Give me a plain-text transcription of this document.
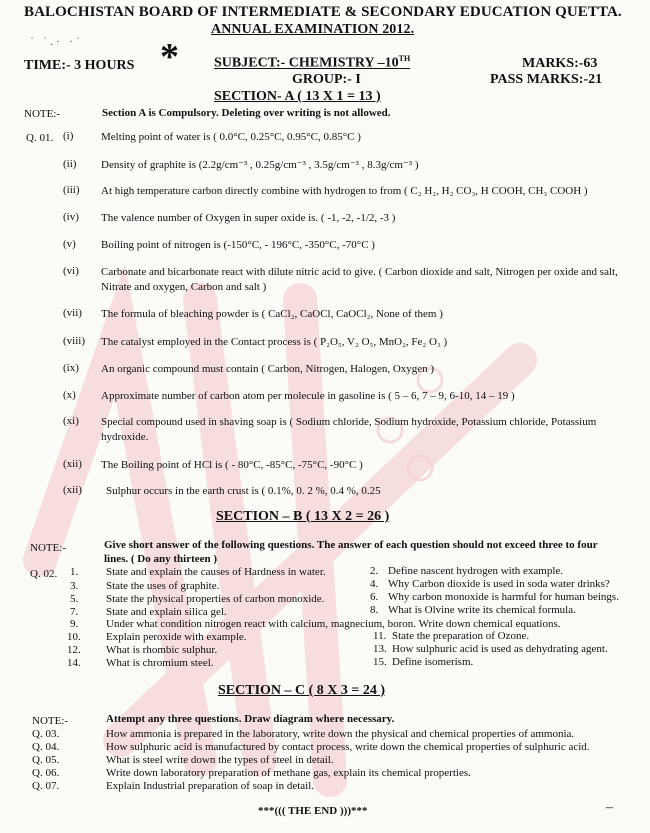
BALOCHISTAN BOARD OF INTERMEDIATE & SECONDARY EDUCATION QUETTA.
ANNUAL EXAMINATION 2012.
˙ ˙.· ·˙ *
TIME:- 3 HOURS	SUBJECT:- CHEMISTRY –10TH	MARKS:-63
GROUP:- I	PASS MARKS:-21
SECTION- A ( 13 X 1 = 13 )
NOTE:-	Section A is Compulsory. Deleting over writing is not allowed.
Q. 01. (i)	Melting point of water is ( 0.0°C, 0.25°C, 0.95°C, 0.85°C )
(ii) Density of graphite is (2.2g/cm⁻³ , 0.25g/cm⁻³ , 3.5g/cm⁻³ , 8.3g/cm⁻³ )
(iii) At high temperature carbon directly combine with hydrogen to from ( C₂ H₂, H₂ CO₃, H COOH, CH₃ COOH )
(iv) The valence number of Oxygen in super oxide is. ( -1, -2, -1/2, -3 )
(v) Boiling point of nitrogen is (-150°C, - 196°C, -350°C, -70°C )
(vi) Carbonate and bicarbonate react with dilute nitric acid to give. ( Carbon dioxide and salt, Nitrogen per oxide and salt, Nitrate and oxygen, Carbon and salt )
(vii) The formula of bleaching powder is ( CaCl₂, CaOCl, CaOCl₂, None of them )
(viii) The catalyst employed in the Contact process is ( P₂O₅, V₂ O₅, MnO₂, Fe₂ O₃ )
(ix) An organic compound must contain ( Carbon, Nitrogen, Halogen, Oxygen )
(x) Approximate number of carbon atom per molecule in gasoline is ( 5 – 6, 7 – 9, 6-10, 14 – 19 )
(xi) Special compound used in shaving soap is ( Sodium chloride, Sodium hydroxide, Potassium chloride, Potassium hydroxide.
(xii) The Boiling point of HCl is ( - 80°C, -85°C, -75°C, -90°C )
(xii) Sulphur occurs in the earth crust is ( 0.1%, 0. 2 %, 0.4 %, 0.25
SECTION – B ( 13 X 2 = 26 )
NOTE:-	Give short answer of the following questions. The answer of each question should not exceed three to four lines. ( Do any thirteen )
Q. 02. 1.	State and explain the causes of Hardness in water.
3.	State the uses of graphite.
5.	State the physical properties of carbon monoxide.
7.	State and explain silica gel.
9.	Under what condition nitrogen react with calcium, magnecium, boron. Write down chemical equations.
10. Explain peroxide with example.
12. What is rhombic sulphur.
14. What is chromium steel.
2. Define nascent hydrogen with example.
4. Why Carbon dioxide is used in soda water drinks?
6. Why carbon monoxide is harmful for human beings.
8. What is Olvine write its chemical formula.
11. State the preparation of Ozone.
13. How sulphuric acid is used as dehydrating agent.
15. Define isomerism.
SECTION – C ( 8 X 3 = 24 )
NOTE:-	Attempt any three questions. Draw diagram where necessary.
Q. 03.	How ammonia is prepared in the laboratory, write down the physical and chemical properties of ammonia.
Q. 04.	How sulphuric acid is manufactured by contact process, write down the chemical properties of sulphuric acid.
Q. 05.	What is steel write down the types of steel in detail.
Q. 06.	Write down laboratory preparation of methane gas, explain its chemical properties.
Q. 07.	Explain Industrial preparation of soap in detail.
***((( THE END )))***	–
